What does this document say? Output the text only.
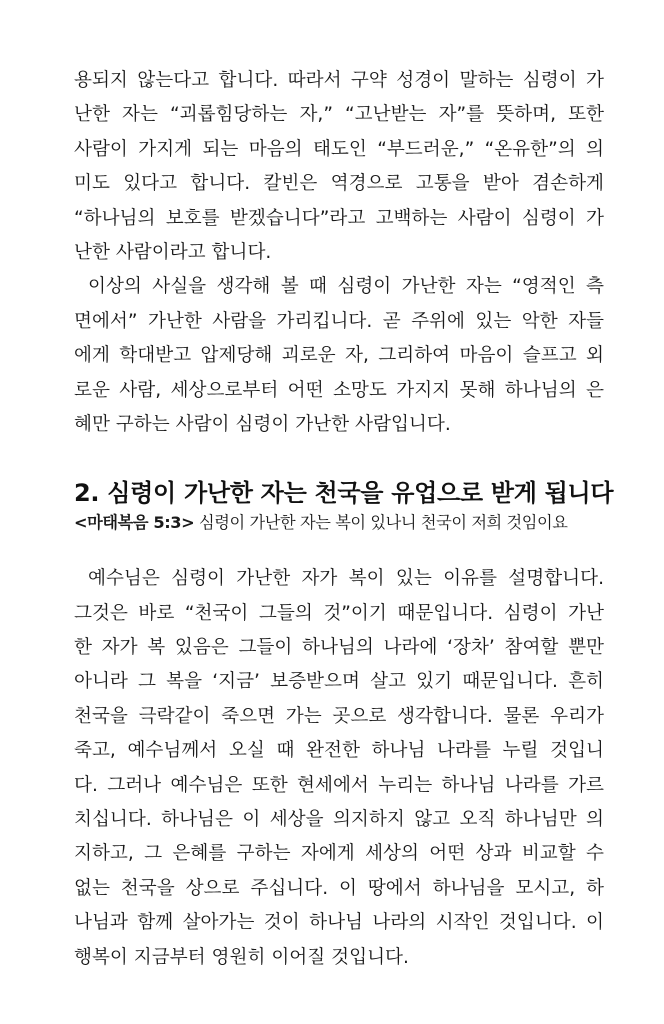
용되지 않는다고 합니다. 따라서 구약 성경이 말하는 심령이 가
난한 자는 “괴롭힘당하는 자,” “고난받는 자”를 뜻하며, 또한
사람이 가지게 되는 마음의 태도인 “부드러운,” “온유한”의 의
미도 있다고 합니다. 칼빈은 역경으로 고통을 받아 겸손하게
“하나님의 보호를 받겠습니다”라고 고백하는 사람이 심령이 가
난한 사람이라고 합니다.
이상의 사실을 생각해 볼 때 심령이 가난한 자는 “영적인 측
면에서” 가난한 사람을 가리킵니다. 곧 주위에 있는 악한 자들
에게 학대받고 압제당해 괴로운 자, 그리하여 마음이 슬프고 외
로운 사람, 세상으로부터 어떤 소망도 가지지 못해 하나님의 은
혜만 구하는 사람이 심령이 가난한 사람입니다.
2. 심령이 가난한 자는 천국을 유업으로 받게 됩니다
<마태복음 5:3> 심령이 가난한 자는 복이 있나니 천국이 저희 것임이요
예수님은 심령이 가난한 자가 복이 있는 이유를 설명합니다.
그것은 바로 “천국이 그들의 것”이기 때문입니다. 심령이 가난
한 자가 복 있음은 그들이 하나님의 나라에 ‘장차’ 참여할 뿐만
아니라 그 복을 ‘지금’ 보증받으며 살고 있기 때문입니다. 흔히
천국을 극락같이 죽으면 가는 곳으로 생각합니다. 물론 우리가
죽고, 예수님께서 오실 때 완전한 하나님 나라를 누릴 것입니
다. 그러나 예수님은 또한 현세에서 누리는 하나님 나라를 가르
치십니다. 하나님은 이 세상을 의지하지 않고 오직 하나님만 의
지하고, 그 은혜를 구하는 자에게 세상의 어떤 상과 비교할 수
없는 천국을 상으로 주십니다. 이 땅에서 하나님을 모시고, 하
나님과 함께 살아가는 것이 하나님 나라의 시작인 것입니다. 이
행복이 지금부터 영원히 이어질 것입니다.
